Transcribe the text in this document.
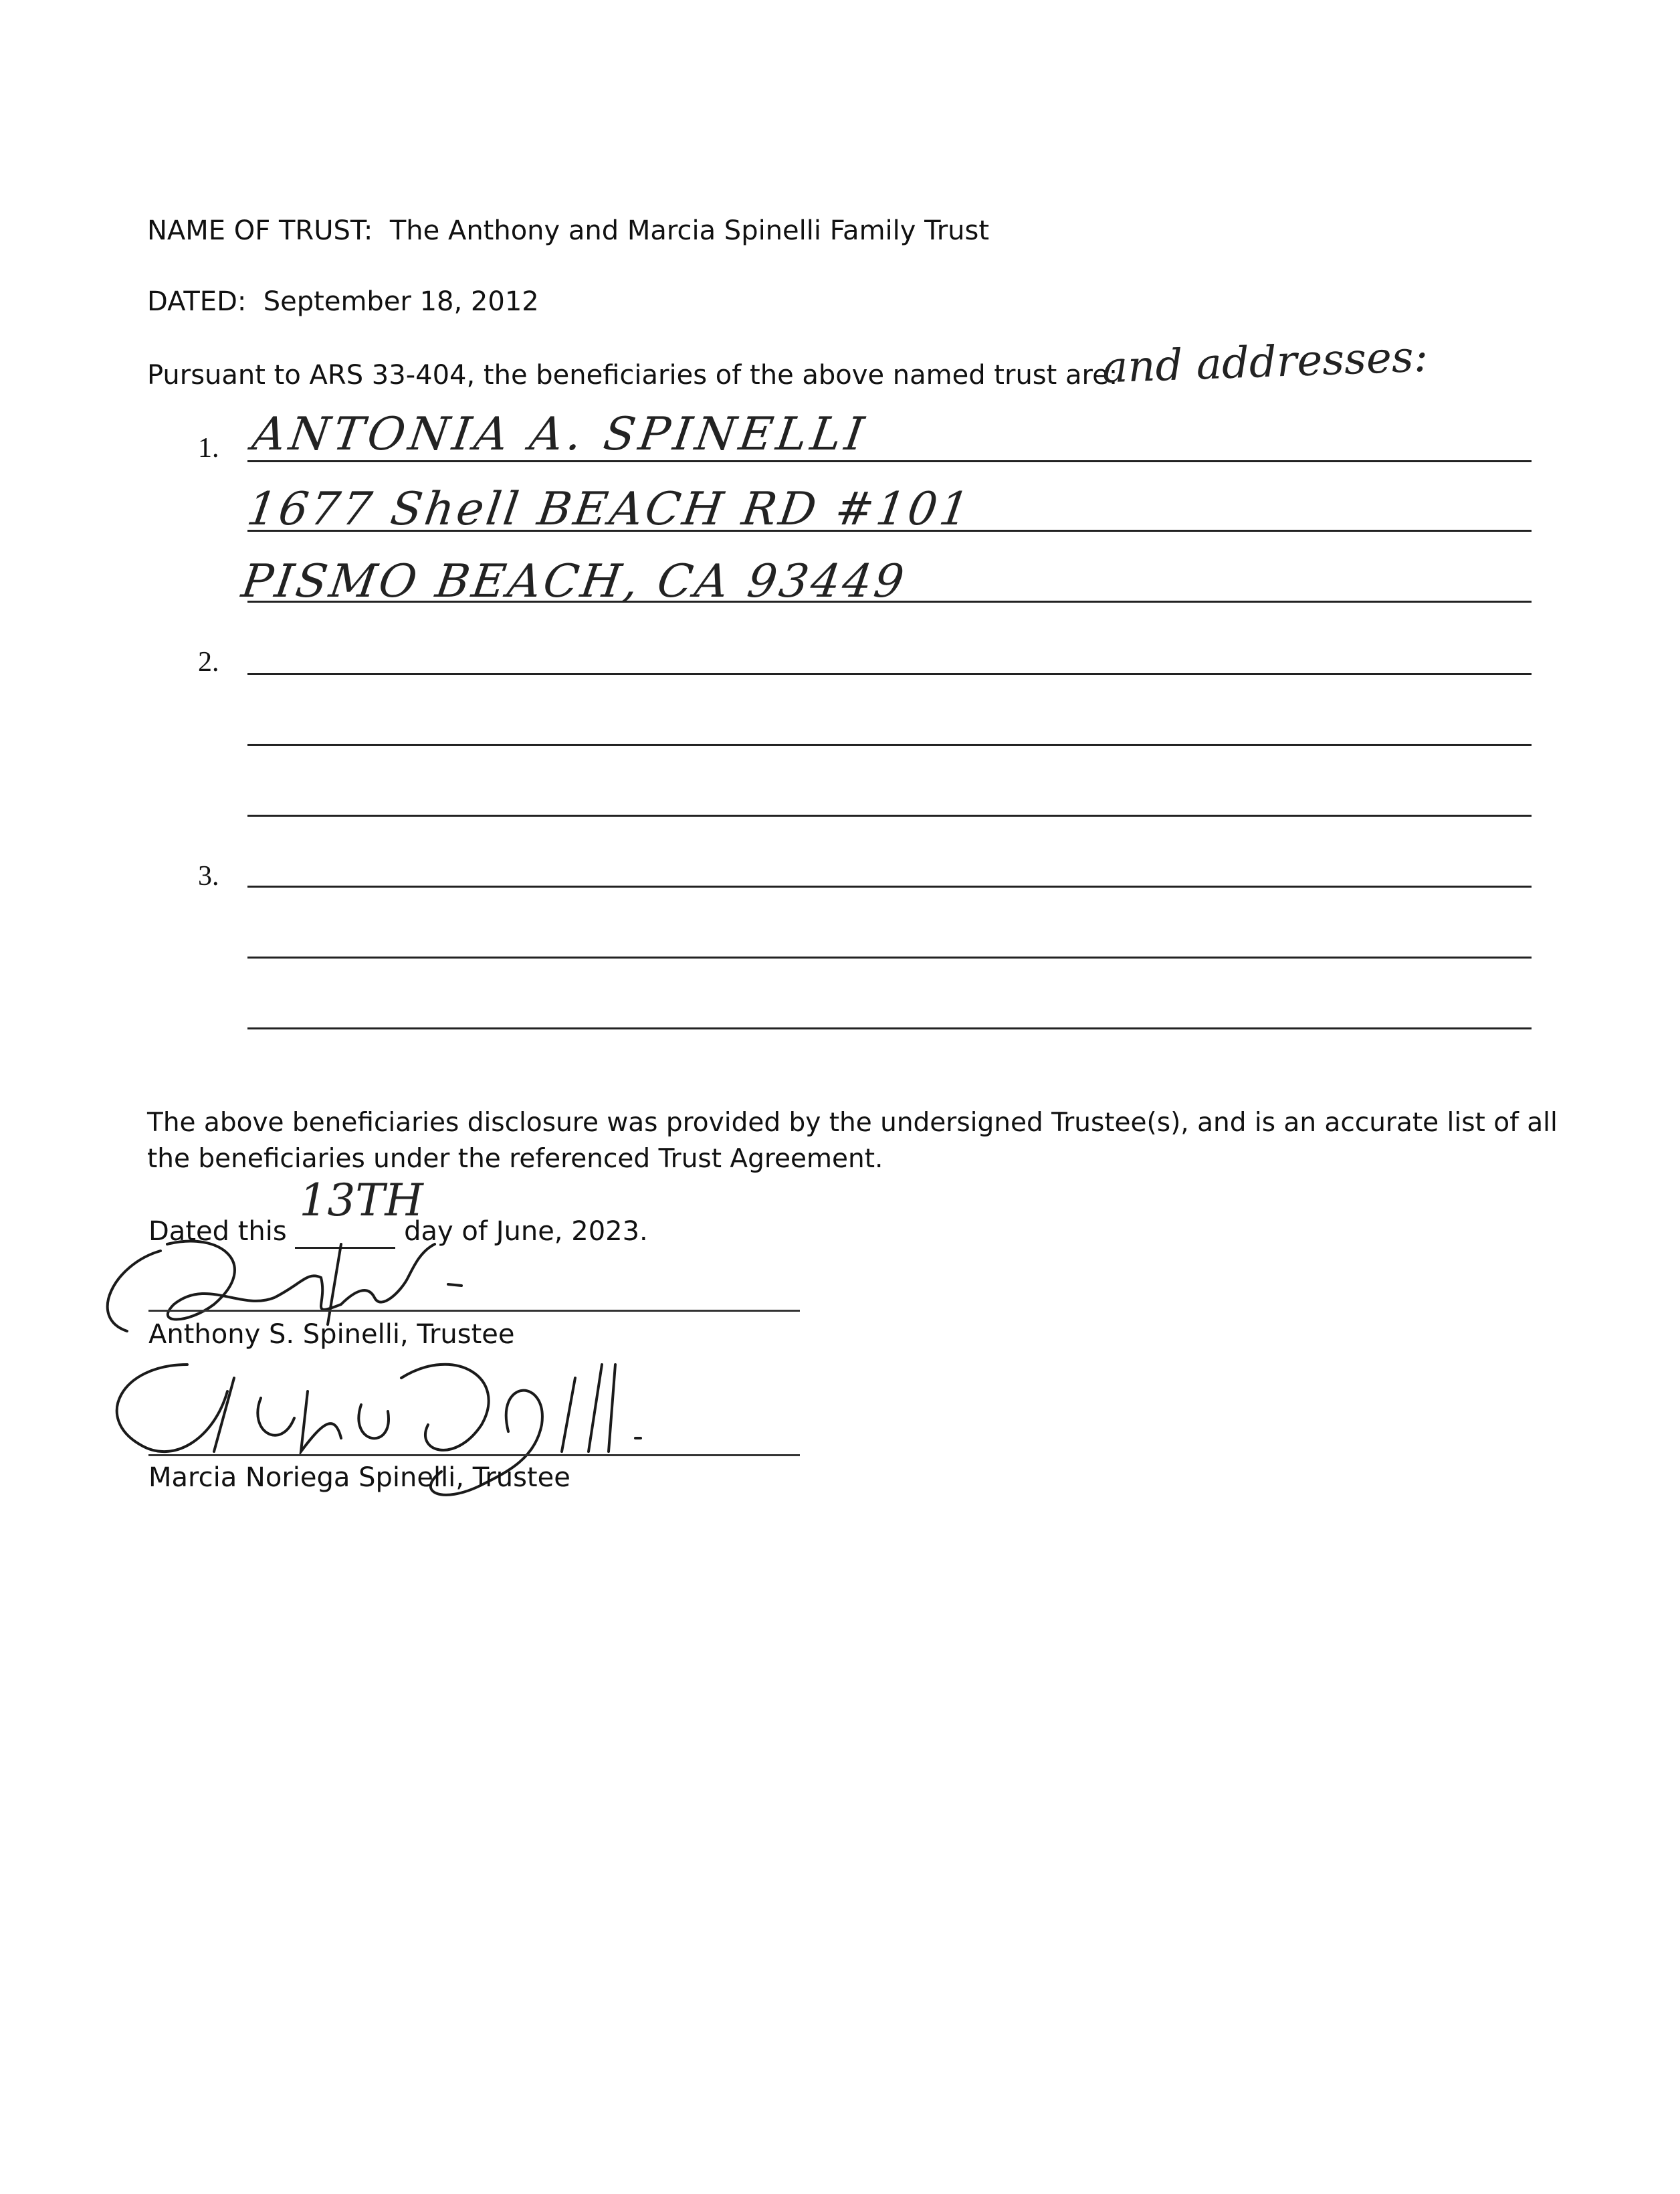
NAME OF TRUST: The Anthony and Marcia Spinelli Family Trust
DATED: September 18, 2012
Pursuant to ARS 33-404, the beneficiaries of the above named trust are:
and addresses:
1. ANTONIA A. SPINELLI
1677 Shell BEACH RD #101
PISMO BEACH, CA 93449
2.
3.
The above beneficiaries disclosure was provided by the undersigned Trustee(s), and is an accurate list of all
the beneficiaries under the referenced Trust Agreement.
Dated this
13TH
day of June, 2023.
Anthony S. Spinelli, Trustee
Marcia Noriega Spinelli, Trustee
